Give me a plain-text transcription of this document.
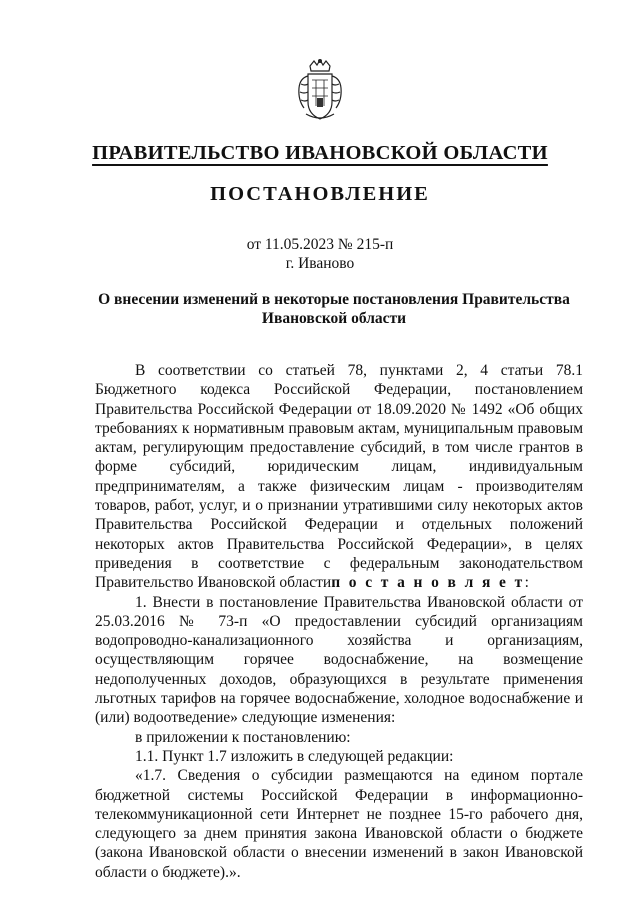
ПРАВИТЕЛЬСТВО ИВАНОВСКОЙ ОБЛАСТИ
ПОСТАНОВЛЕНИЕ
от 11.05.2023 № 215-п
г. Иваново
О внесении изменений в некоторые постановления Правительства Ивановской области

В соответствии со статьей 78, пунктами 2, 4 статьи 78.1 Бюджетного кодекса Российской Федерации, постановлением Правительства Российской Федерации от 18.09.2020 № 1492 «Об общих требованиях к нормативным правовым актам, муниципальным правовым актам, регулирующим предоставление субсидий, в том числе грантов в форме субсидий, юридическим лицам, индивидуальным предпринимателям, а также физическим лицам - производителям товаров, работ, услуг, и о признании утратившими силу некоторых актов Правительства Российской Федерации и отдельных положений некоторых актов Правительства Российской Федерации», в целях приведения в соответствие с федеральным законодательством Правительство Ивановской областип о с т а н о в л я е т:

1. Внести в постановление Правительства Ивановской области от 25.03.2016 № 73-п «О предоставлении субсидий организациям водопроводно-канализационного хозяйства и организациям, осуществляющим горячее водоснабжение, на возмещение недополученных доходов, образующихся в результате применения льготных тарифов на горячее водоснабжение, холодное водоснабжение и (или) водоотведение» следующие изменения:

в приложении к постановлению:

1.1. Пункт 1.7 изложить в следующей редакции:

«1.7. Сведения о субсидии размещаются на едином портале бюджетной системы Российской Федерации в информационно-телекоммуникационной сети Интернет не позднее 15-го рабочего дня, следующего за днем принятия закона Ивановской области о бюджете (закона Ивановской области о внесении изменений в закон Ивановской области о бюджете).».
